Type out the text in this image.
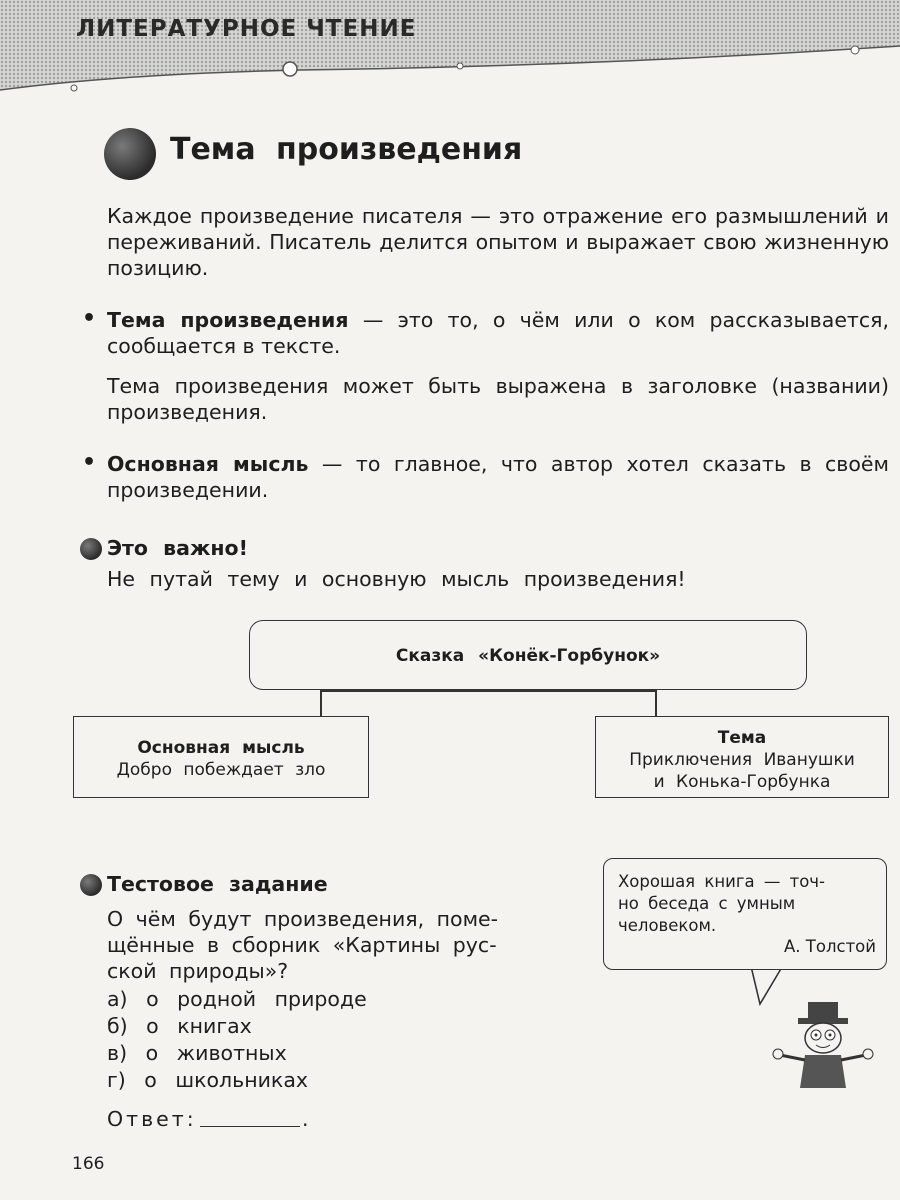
ЛИТЕРАТУРНОЕ ЧТЕНИЕ
Тема произведения

Каждое произведение писателя — это отражение его размышлений и переживаний. Писатель делится опытом и выражает свою жизненную позицию.

• Тема произведения — это то, о чём или о ком рассказывается, сообщается в тексте.

Тема произведения может быть выражена в заголовке (названии) произведения.

• Основная мысль — то главное, что автор хотел сказать в своём произведении.

Это важно!
Не путай тему и основную мысль произведения!
Сказка «Конёк-Горбунок»
Основная мысль
Добро побеждает зло
Тема
Приключения Иванушки
и Конька-Горбунка
Тестовое задание
О чём будут произведения, поме-
щённые в сборник «Картины рус-
ской природы»?
а) о родной природе
б) о книгах
в) о животных
г) о школьниках
Ответ:	.
Хорошая книга — точ-
но беседа с умным
человеком.
А. Толстой
166
